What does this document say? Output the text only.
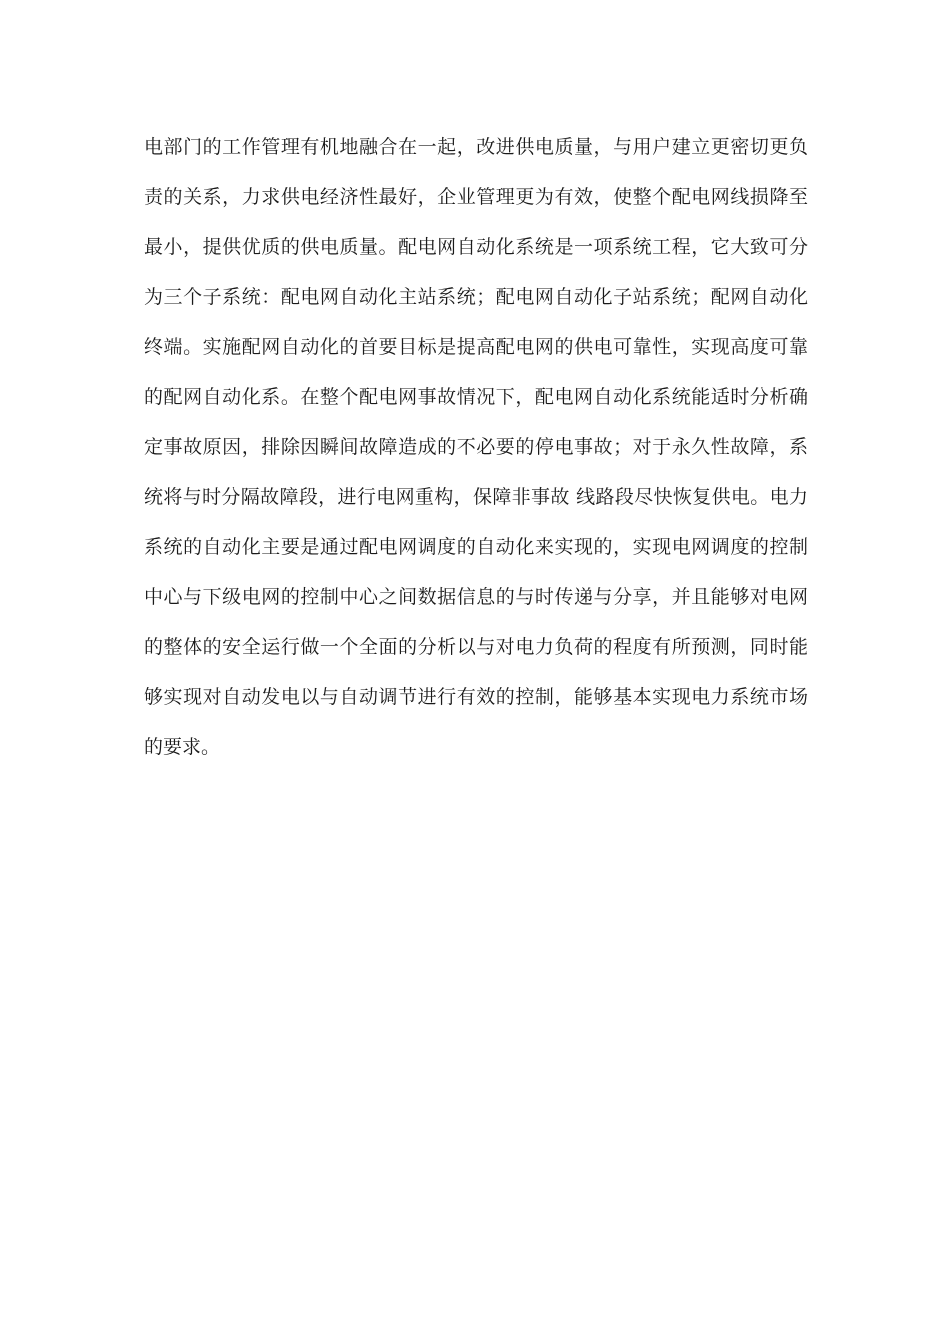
电部门的工作管理有机地融合在一起，改进供电质量，与用户建立更密切更负
责的关系，力求供电经济性最好，企业管理更为有效，使整个配电网线损降至
最小，提供优质的供电质量。配电网自动化系统是一项系统工程，它大致可分
为三个子系统：配电网自动化主站系统；配电网自动化子站系统；配网自动化
终端。实施配网自动化的首要目标是提高配电网的供电可靠性，实现高度可靠
的配网自动化系。在整个配电网事故情况下，配电网自动化系统能适时分析确
定事故原因，排除因瞬间故障造成的不必要的停电事故；对于永久性故障，系
统将与时分隔故障段，进行电网重构，保障非事故 线路段尽快恢复供电。电力
系统的自动化主要是通过配电网调度的自动化来实现的，实现电网调度的控制
中心与下级电网的控制中心之间数据信息的与时传递与分享，并且能够对电网
的整体的安全运行做一个全面的分析以与对电力负荷的程度有所预测，同时能
够实现对自动发电以与自动调节进行有效的控制，能够基本实现电力系统市场
的要求。
